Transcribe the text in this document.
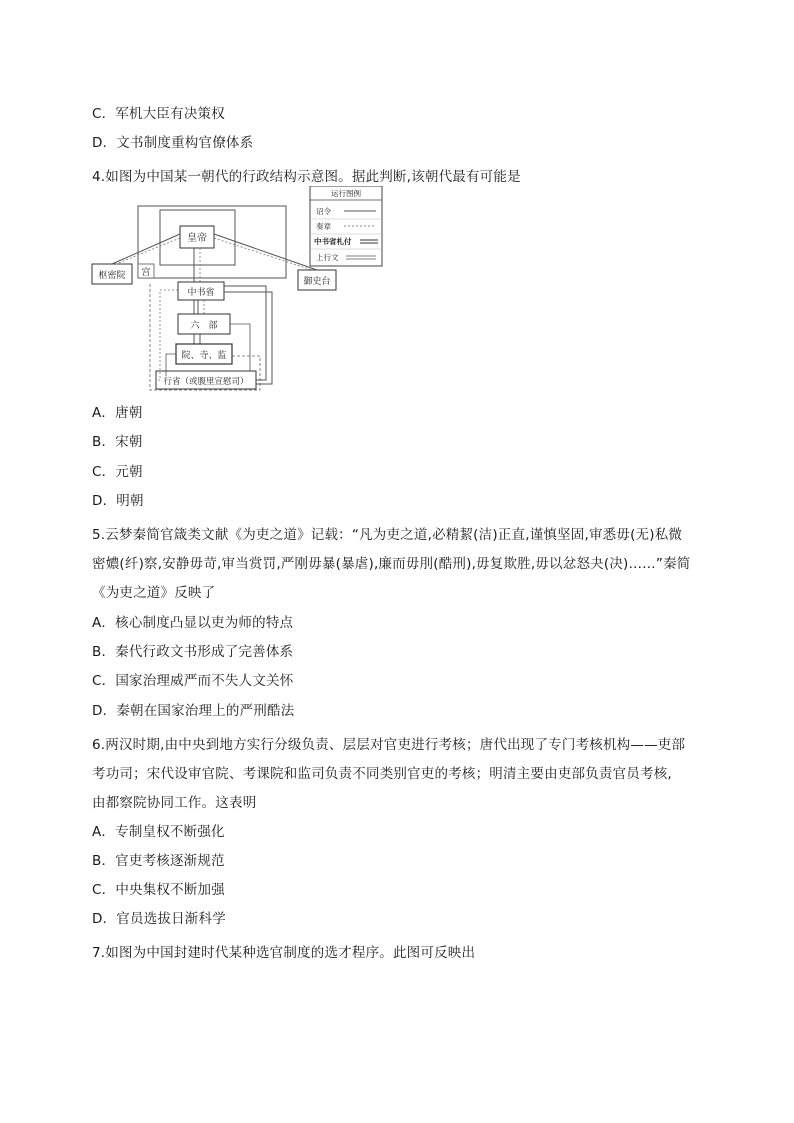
C．军机大臣有决策权
D．文书制度重构官僚体系
4.如图为中国某一朝代的行政结构示意图。据此判断,该朝代最有可能是
皇帝
宫
枢密院
御史台
中书省
六　部
院、寺、监
行省（或腹里宣慰司）
运行图例
诏令
奏章
中书省札付
上行文
A．唐朝
B．宋朝
C．元朝
D．明朝
5.云梦秦简官箴类文献《为吏之道》记载：“凡为吏之道,必精絜(洁)正直,谨慎坚固,审悉毋(无)私微
密𡢿(纤)察,安静毋苛,审当赏罚,严刚毋暴(暴虐),廉而毋刖(酷刑),毋复欺胜,毋以忿怒夬(决)……”秦简
《为吏之道》反映了
A．核心制度凸显以吏为师的特点
B．秦代行政文书形成了完善体系
C．国家治理威严而不失人文关怀
D．秦朝在国家治理上的严刑酷法
6.两汉时期,由中央到地方实行分级负责、层层对官吏进行考核；唐代出现了专门考核机构——吏部
考功司；宋代设审官院、考课院和监司负责不同类别官吏的考核；明清主要由吏部负责官员考核,
由都察院协同工作。这表明
A．专制皇权不断强化
B．官吏考核逐渐规范
C．中央集权不断加强
D．官员选拔日渐科学
7.如图为中国封建时代某种选官制度的选才程序。此图可反映出
